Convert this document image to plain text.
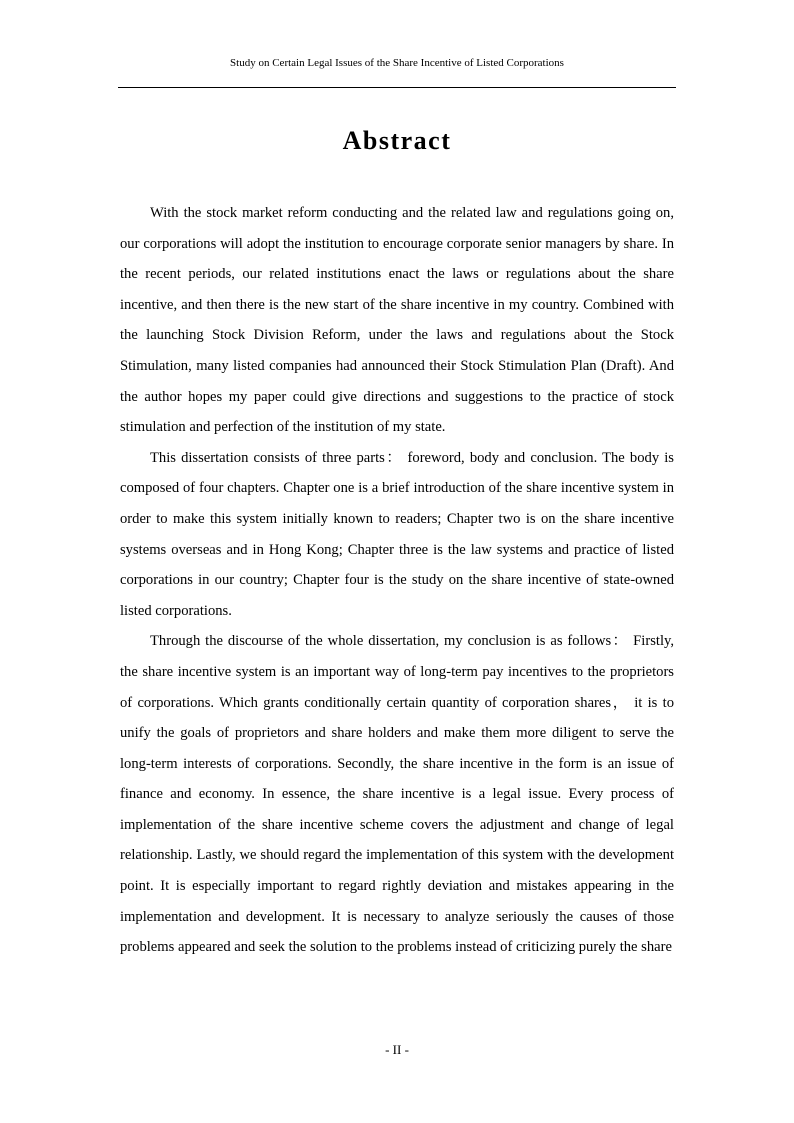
Study on Certain Legal Issues of the Share Incentive of Listed Corporations
Abstract

With the stock market reform conducting and the related law and regulations going on, our corporations will adopt the institution to encourage corporate senior managers by share. In the recent periods, our related institutions enact the laws or regulations about the share incentive, and then there is the new start of the share incentive in my country. Combined with the launching Stock Division Reform, under the laws and regulations about the Stock Stimulation, many listed companies had announced their Stock Stimulation Plan (Draft). And the author hopes my paper could give directions and suggestions to the practice of stock stimulation and perfection of the institution of my state.

This dissertation consists of three parts： foreword, body and conclusion. The body is composed of four chapters. Chapter one is a brief introduction of the share incentive system in order to make this system initially known to readers; Chapter two is on the share incentive systems overseas and in Hong Kong; Chapter three is the law systems and practice of listed corporations in our country; Chapter four is the study on the share incentive of state-owned listed corporations.

Through the discourse of the whole dissertation, my conclusion is as follows： Firstly, the share incentive system is an important way of long-term pay incentives to the proprietors of corporations. Which grants conditionally certain quantity of corporation shares， it is to unify the goals of proprietors and share holders and make them more diligent to serve the long-term interests of corporations. Secondly, the share incentive in the form is an issue of finance and economy. In essence, the share incentive is a legal issue. Every process of implementation of the share incentive scheme covers the adjustment and change of legal relationship. Lastly, we should regard the implementation of this system with the development point. It is especially important to regard rightly deviation and mistakes appearing in the implementation and development. It is necessary to analyze seriously the causes of those problems appeared and seek the solution to the problems instead of criticizing purely the share

- II -
